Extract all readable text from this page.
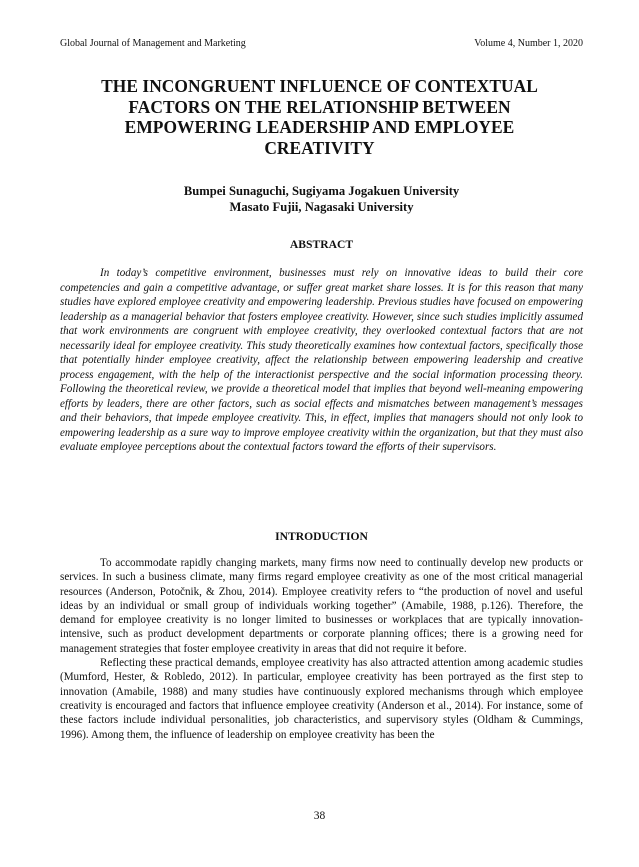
Global Journal of Management and Marketing	Volume 4, Number 1, 2020
THE INCONGRUENT INFLUENCE OF CONTEXTUAL
FACTORS ON THE RELATIONSHIP BETWEEN
EMPOWERING LEADERSHIP AND EMPLOYEE
CREATIVITY
Bumpei Sunaguchi, Sugiyama Jogakuen University
Masato Fujii, Nagasaki University
ABSTRACT

In today’s competitive environment, businesses must rely on innovative ideas to build their core competencies and gain a competitive advantage, or suffer great market share losses. It is for this reason that many studies have explored employee creativity and empowering leadership. Previous studies have focused on empowering leadership as a managerial behavior that fosters employee creativity. However, since such studies implicitly assumed that work environments are congruent with employee creativity, they overlooked contextual factors that are not necessarily ideal for employee creativity. This study theoretically examines how contextual factors, specifically those that potentially hinder employee creativity, affect the relationship between empowering leadership and creative process engagement, with the help of the interactionist perspective and the social information processing theory. Following the theoretical review, we provide a theoretical model that implies that beyond well-meaning empowering efforts by leaders, there are other factors, such as social effects and mismatches between management’s messages and their behaviors, that impede employee creativity. This, in effect, implies that managers should not only look to empowering leadership as a sure way to improve employee creativity within the organization, but that they must also evaluate employee perceptions about the contextual factors toward the efforts of their supervisors.

INTRODUCTION

To accommodate rapidly changing markets, many firms now need to continually develop new products or services. In such a business climate, many firms regard employee creativity as one of the most critical managerial resources (Anderson, Potočnik, & Zhou, 2014). Employee creativity refers to “the production of novel and useful ideas by an individual or small group of individuals working together” (Amabile, 1988, p.126). Therefore, the demand for employee creativity is no longer limited to businesses or workplaces that are typically innovation-intensive, such as product development departments or corporate planning offices; there is a growing need for management strategies that foster employee creativity in areas that did not require it before.

Reflecting these practical demands, employee creativity has also attracted attention among academic studies (Mumford, Hester, & Robledo, 2012). In particular, employee creativity has been portrayed as the first step to innovation (Amabile, 1988) and many studies have continuously explored mechanisms through which employee creativity is encouraged and factors that influence employee creativity (Anderson et al., 2014). For instance, some of these factors include individual personalities, job characteristics, and supervisory styles (Oldham & Cummings, 1996). Among them, the influence of leadership on employee creativity has been the

38
